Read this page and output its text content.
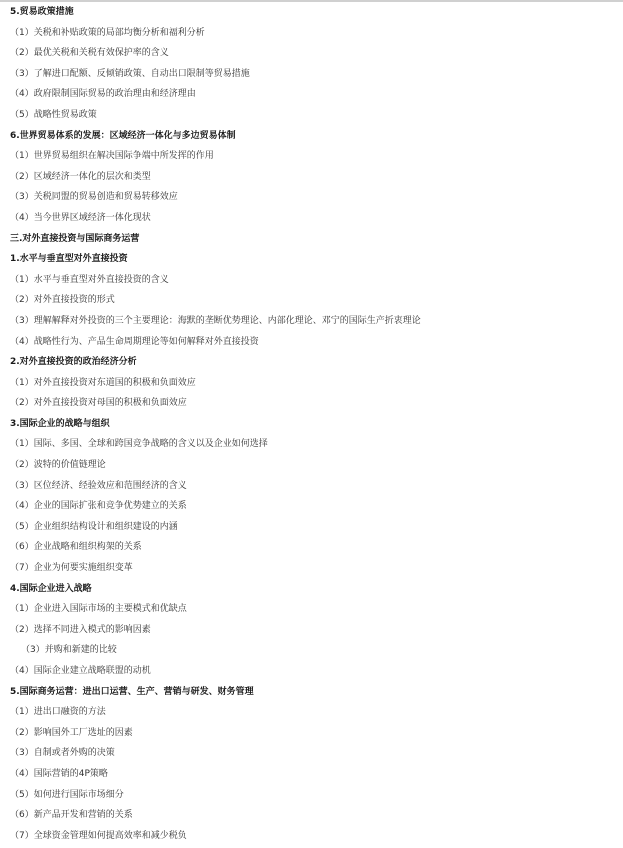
5.贸易政策措施
（1）关税和补贴政策的局部均衡分析和福利分析
（2）最优关税和关税有效保护率的含义
（3）了解进口配额、反倾销政策、自动出口限制等贸易措施
（4）政府限制国际贸易的政治理由和经济理由
（5）战略性贸易政策
6.世界贸易体系的发展：区域经济一体化与多边贸易体制
（1）世界贸易组织在解决国际争端中所发挥的作用
（2）区域经济一体化的层次和类型
（3）关税同盟的贸易创造和贸易转移效应
（4）当今世界区域经济一体化现状
三.对外直接投资与国际商务运营
1.水平与垂直型对外直接投资
（1）水平与垂直型对外直接投资的含义
（2）对外直接投资的形式
（3）理解解释对外投资的三个主要理论：海默的垄断优势理论、内部化理论、邓宁的国际生产折衷理论
（4）战略性行为、产品生命周期理论等如何解释对外直接投资
2.对外直接投资的政治经济分析
（1）对外直接投资对东道国的积极和负面效应
（2）对外直接投资对母国的积极和负面效应
3.国际企业的战略与组织
（1）国际、多国、全球和跨国竞争战略的含义以及企业如何选择
（2）波特的价值链理论
（3）区位经济、经验效应和范围经济的含义
（4）企业的国际扩张和竞争优势建立的关系
（5）企业组织结构设计和组织建设的内涵
（6）企业战略和组织构架的关系
（7）企业为何要实施组织变革
4.国际企业进入战略
（1）企业进入国际市场的主要模式和优缺点
（2）选择不同进入模式的影响因素
（3）并购和新建的比较
（4）国际企业建立战略联盟的动机
5.国际商务运营：进出口运营、生产、营销与研发、财务管理
（1）进出口融资的方法
（2）影响国外工厂选址的因素
（3）自制或者外购的决策
（4）国际营销的4P策略
（5）如何进行国际市场细分
（6）新产品开发和营销的关系
（7）全球资金管理如何提高效率和减少税负
